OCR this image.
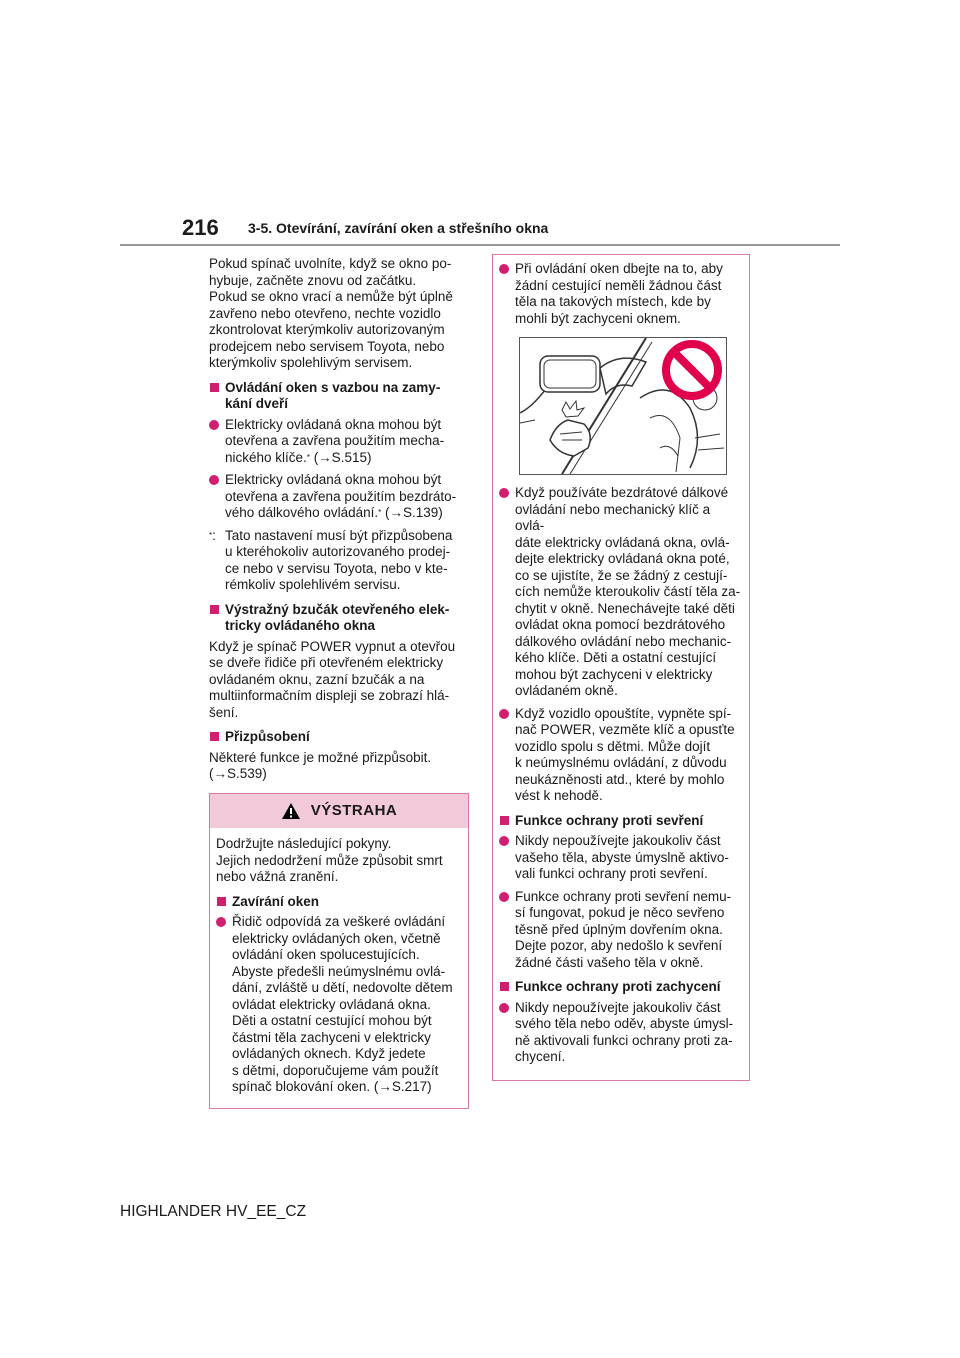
216 3-5. Otevírání, zavírání oken a střešního okna

Pokud spínač uvolníte, když se okno po-
hybuje, začněte znovu od začátku.
Pokud se okno vrací a nemůže být úplně
zavřeno nebo otevřeno, nechte vozidlo
zkontrolovat kterýmkoliv autorizovaným
prodejcem nebo servisem Toyota, nebo
kterýmkoliv spolehlivým servisem.

Ovládání oken s vazbou na zamy-
kání dveří
Elektricky ovládaná okna mohou být
otevřena a zavřena použitím mecha-
nického klíče.* (→S.515)
Elektricky ovládaná okna mohou být
otevřena a zavřena použitím bezdráto-
vého dálkového ovládání.* (→S.139)
*: Tato nastavení musí být přizpůsobena
u kteréhokoliv autorizovaného prodej-
ce nebo v servisu Toyota, nebo v kte-
rémkoliv spolehlivém servisu.
Výstražný bzučák otevřeného elek-
tricky ovládaného okna

Když je spínač POWER vypnut a otevřou
se dveře řidiče při otevřeném elektricky
ovládaném oknu, zazní bzučák a na
multiinformačním displeji se zobrazí hlá-
šení.

Přizpůsobení

Některé funkce je možné přizpůsobit.
(→S.539)

VÝSTRAHA

Dodržujte následující pokyny.
Jejich nedodržení může způsobit smrt
nebo vážná zranění.

Zavírání oken
Řidič odpovídá za veškeré ovládání
elektricky ovládaných oken, včetně
ovládání oken spolucestujících.
Abyste předešli neúmyslnému ovlá-
dání, zvláště u dětí, nedovolte dětem
ovládat elektricky ovládaná okna.
Děti a ostatní cestující mohou být
částmi těla zachyceni v elektricky
ovládaných oknech. Když jedete
s dětmi, doporučujeme vám použít
spínač blokování oken. (→S.217)
Při ovládání oken dbejte na to, aby
žádní cestující neměli žádnou část
těla na takových místech, kde by
mohli být zachyceni oknem.
Když používáte bezdrátové dálkové
ovládání nebo mechanický klíč a ovlá-
dáte elektricky ovládaná okna, ovlá-
dejte elektricky ovládaná okna poté,
co se ujistíte, že se žádný z cestují-
cích nemůže kteroukoliv částí těla za-
chytit v okně. Nenechávejte také děti
ovládat okna pomocí bezdrátového
dálkového ovládání nebo mechanic-
kého klíče. Děti a ostatní cestující
mohou být zachyceni v elektricky
ovládaném okně.
Když vozidlo opouštíte, vypněte spí-
nač POWER, vezměte klíč a opusťte
vozidlo spolu s dětmi. Může dojít
k neúmyslnému ovládání, z důvodu
neukázněnosti atd., které by mohlo
vést k nehodě.
Funkce ochrany proti sevření
Nikdy nepoužívejte jakoukoliv část
vašeho těla, abyste úmyslně aktivo-
vali funkci ochrany proti sevření.
Funkce ochrany proti sevření nemu-
sí fungovat, pokud je něco sevřeno
těsně před úplným dovřením okna.
Dejte pozor, aby nedošlo k sevření
žádné části vašeho těla v okně.
Funkce ochrany proti zachycení
Nikdy nepoužívejte jakoukoliv část
svého těla nebo oděv, abyste úmysl-
ně aktivovali funkci ochrany proti za-
chycení.
HIGHLANDER HV_EE_CZ
